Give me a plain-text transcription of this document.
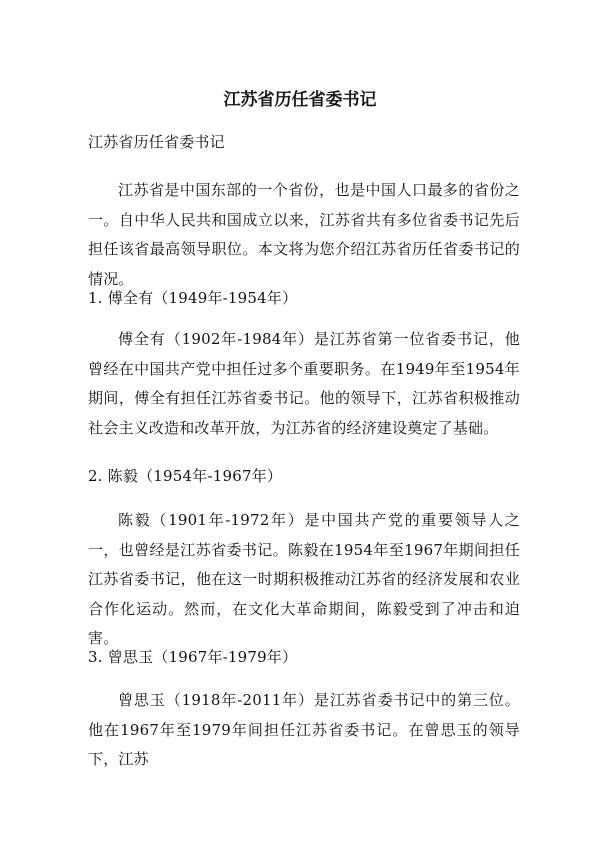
江苏省历任省委书记
江苏省历任省委书记
江苏省是中国东部的一个省份，也是中国人口最多的省份之一。自中华人民共和国成立以来，江苏省共有多位省委书记先后担任该省最高领导职位。本文将为您介绍江苏省历任省委书记的情况。
1. 傅全有（1949年-1954年）
傅全有（1902年-1984年）是江苏省第一位省委书记，他曾经在中国共产党中担任过多个重要职务。在1949年至1954年期间，傅全有担任江苏省委书记。他的领导下，江苏省积极推动社会主义改造和改革开放，为江苏省的经济建设奠定了基础。
2. 陈毅（1954年-1967年）
陈毅（1901年-1972年）是中国共产党的重要领导人之一，也曾经是江苏省委书记。陈毅在1954年至1967年期间担任江苏省委书记，他在这一时期积极推动江苏省的经济发展和农业合作化运动。然而，在文化大革命期间，陈毅受到了冲击和迫害。
3. 曾思玉（1967年-1979年）
曾思玉（1918年-2011年）是江苏省委书记中的第三位。他在1967年至1979年间担任江苏省委书记。在曾思玉的领导下，江苏
